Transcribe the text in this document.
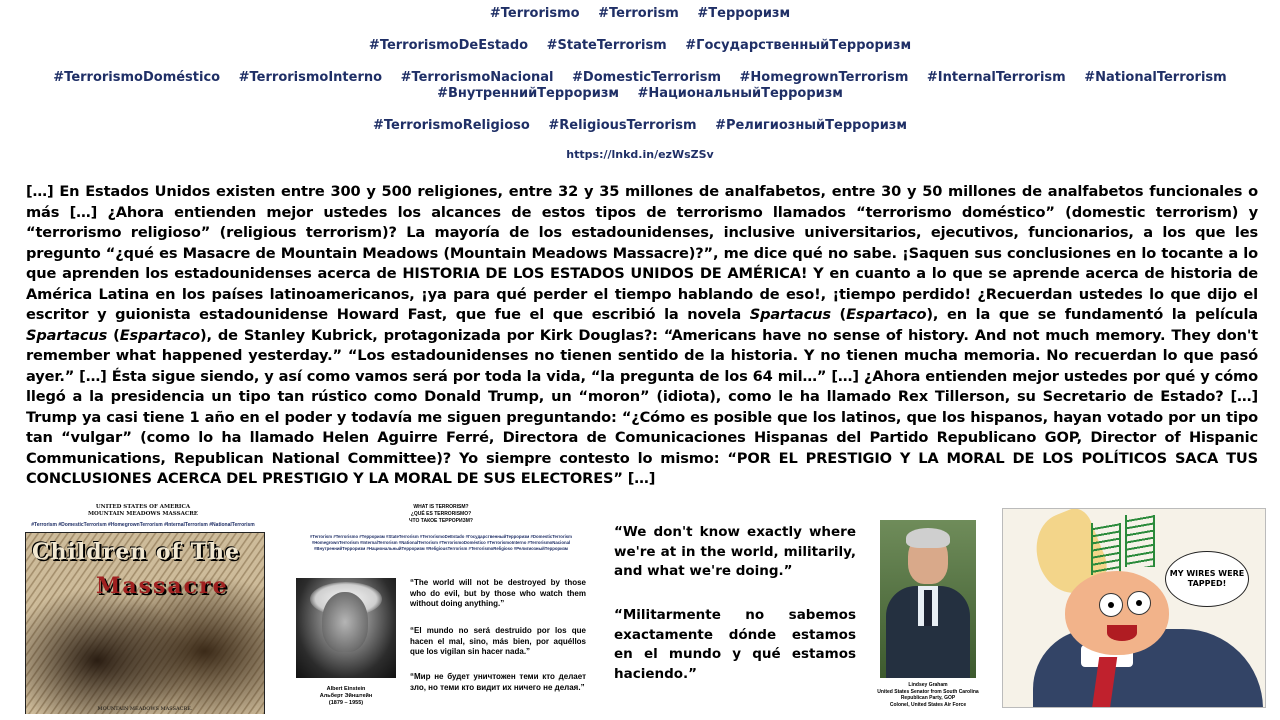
#Terrorismo #Terrorism #Терроризм
#TerrorismoDeEstado #StateTerrorism #ГосударственныйТерроризм
#TerrorismoDoméstico #TerrorismoInterno #TerrorismoNacional #DomesticTerrorism #HomegrownTerrorism #InternalTerrorism #NationalTerrorism
#ВнутреннийТерроризм #НациональныйТерроризм
#TerrorismoReligioso #ReligiousTerrorism #РелигиозныйТерроризм
https://lnkd.in/ezWsZSv
[…] En Estados Unidos existen entre 300 y 500 religiones, entre 32 y 35 millones de analfabetos, entre 30 y 50 millones de analfabetos funcionales o más […] ¿Ahora entienden mejor ustedes los alcances de estos tipos de terrorismo llamados “terrorismo doméstico” (domestic terrorism) y “terrorismo religioso” (religious terrorism)? La mayoría de los estadounidenses, inclusive universitarios, ejecutivos, funcionarios, a los que les pregunto “¿qué es Masacre de Mountain Meadows (Mountain Meadows Massacre)?”, me dice qué no sabe. ¡Saquen sus conclusiones en lo tocante a lo que aprenden los estadounidenses acerca de HISTORIA DE LOS ESTADOS UNIDOS DE AMÉRICA! Y en cuanto a lo que se aprende acerca de historia de América Latina en los países latinoamericanos, ¡ya para qué perder el tiempo hablando de eso!, ¡tiempo perdido! ¿Recuerdan ustedes lo que dijo el escritor y guionista estadounidense Howard Fast, que fue el que escribió la novela Spartacus (Espartaco), en la que se fundamentó la película Spartacus (Espartaco), de Stanley Kubrick, protagonizada por Kirk Douglas?: “Americans have no sense of history. And not much memory. They don't remember what happened yesterday.” “Los estadounidenses no tienen sentido de la historia. Y no tienen mucha memoria. No recuerdan lo que pasó ayer.” […] Ésta sigue siendo, y así como vamos será por toda la vida, “la pregunta de los 64 mil…” […] ¿Ahora entienden mejor ustedes por qué y cómo llegó a la presidencia un tipo tan rústico como Donald Trump, un “moron” (idiota), como le ha llamado Rex Tillerson, su Secretario de Estado? […] Trump ya casi tiene 1 año en el poder y todavía me siguen preguntando: “¿Cómo es posible que los latinos, que los hispanos, hayan votado por un tipo tan “vulgar” (como lo ha llamado Helen Aguirre Ferré, Directora de Comunicaciones Hispanas del Partido Republicano GOP, Director of Hispanic Communications, Republican National Committee)? Yo siempre contesto lo mismo: “POR EL PRESTIGIO Y LA MORAL DE LOS POLÍTICOS SACA TUS CONCLUSIONES ACERCA DEL PRESTIGIO Y LA MORAL DE SUS ELECTORES” […]
UNITED STATES OF AMERICA
MOUNTAIN MEADOWS MASSACRE
#Terrorism #DomesticTerrorism #HomegrownTerrorism #InternalTerrorism #NationalTerrorism
Children of The
Massacre
MOUNTAIN MEADOWS MASSACRE.
WHAT IS TERRORISM?
¿QUÉ ES TERRORISMO?
ЧТО ТАКОЕ ТЕРРОРИЗМ?
#Terrorism #Terrorismo #Терроризм #StateTerrorism #TerrorismoDeEstado #ГосударственныйТерроризм #DomesticTerrorism #HomegrownTerrorism #InternalTerrorism #NationalTerrorism #TerrorismoDoméstico #TerrorismoInterno #TerrorismoNacional #ВнутреннийТерроризм #НациональныйТерроризм #ReligiousTerrorism #TerrorismoReligioso #РелигиозныйТерроризм
Albert Einstein
Альберт Эйнштейн
(1879 – 1955)
“The world will not be destroyed by those who do evil, but by those who watch them without doing anything.”
“El mundo no será destruido por los que hacen el mal, sino, más bien, por aquéllos que los vigilan sin hacer nada.”
“Мир не будет уничтожен теми кто делает зло, но теми кто видит их ничего не делая.”
“We don't know exactly where we're at in the world, militarily, and what we're doing.”
“Militarmente no sabemos exactamente dónde estamos en el mundo y qué estamos haciendo.”
Lindsey Graham
United States Senator from South Carolina
Republican Party, GOP
Colonel, United States Air Force
MY WIRES WERE TAPPED!
